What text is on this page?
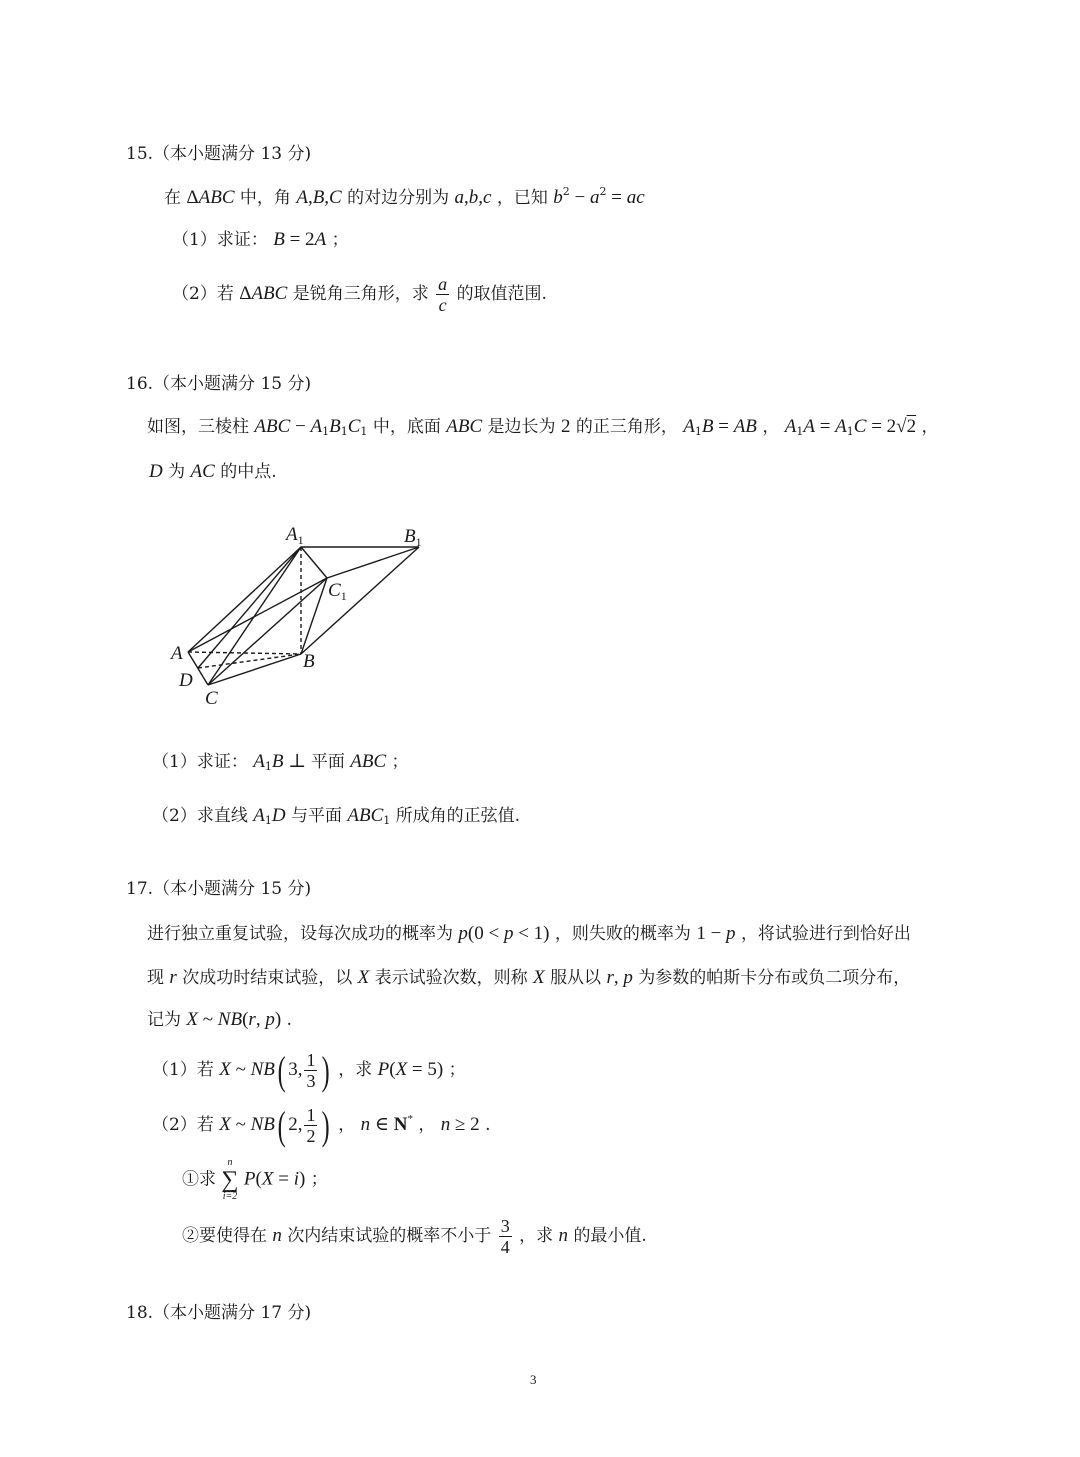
15.（本小题满分 13 分)
在 ΔABC 中，角 A,B,C 的对边分别为 a,b,c ，已知 $b^2 - a^2$ = ac
（1）求证： B = 2A ；
（2）若 ΔABC 是锐角三角形，求 $\frac{a}{c}$ 的取值范围.
16.（本小题满分 15 分)
如图，三棱柱 ABC − $A_1B_1C_1$ 中，底面 ABC 是边长为 2 的正三角形， $A_1B$ = AB ， $A_1A = A_1C = 2√2$ ，
D 为 AC 的中点.
$A_1$	$B_1$
$C_1$
A	B
D
C
（1）求证： $A_1B$ ⊥ 平面 ABC ；
（2）求直线 $A_1D$ 与平面 $ABC_1$ 所成角的正弦值.
17.（本小题满分 15 分)
进行独立重复试验，设每次成功的概率为 p(0 < p < 1) ，则失败的概率为 1 − p ，将试验进行到恰好出
现 r 次成功时结束试验，以 X 表示试验次数，则称 X 服从以 r, p 为参数的帕斯卡分布或负二项分布，
记为 X ~ NB(r, p) .
（1）若 X ~ NB( 3, $\frac{1}{3}$ ) ，求 P(X = 5) ；
（2）若 X ~ NB( 2, $\frac{1}{2}$ ) ， n ∈ N* ， n ≥ 2 .
①求
n
∑
i=2
P(X = i) ；
②要使得在 n 次内结束试验的概率不小于 $\frac{3}{4}$ ，求 n 的最小值.
18.（本小题满分 17 分)
3
